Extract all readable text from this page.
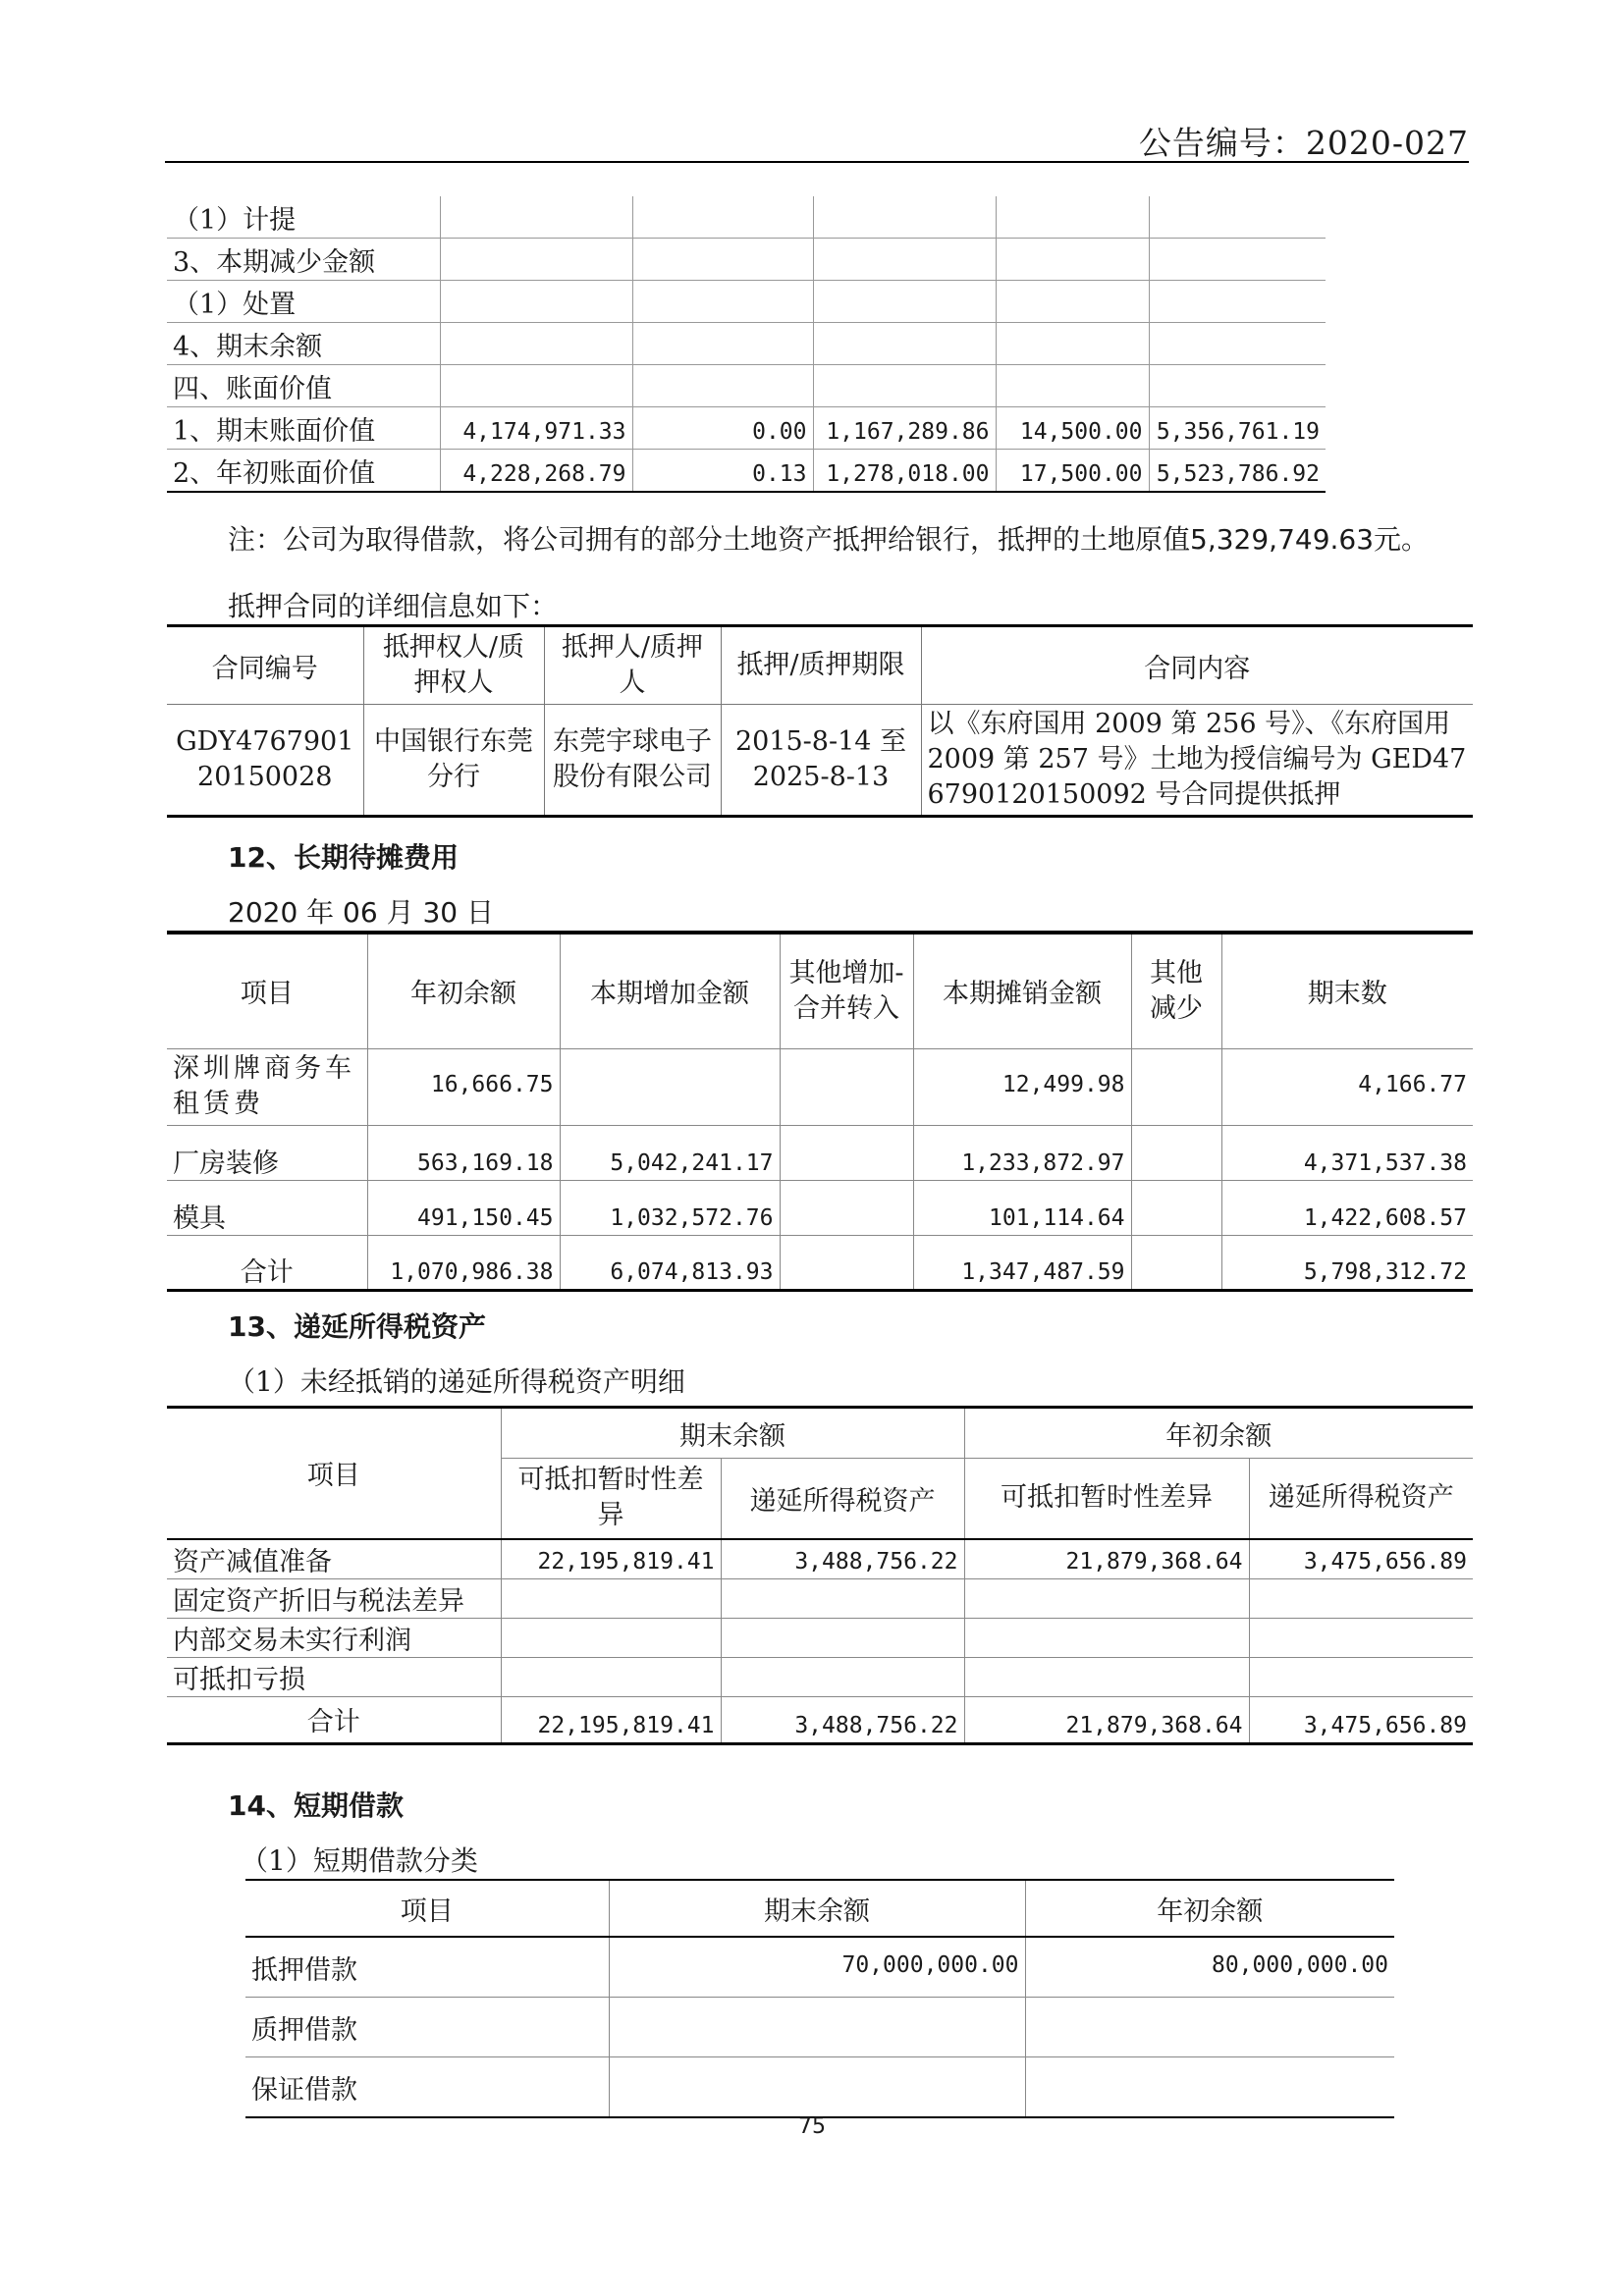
公告编号：2020-027
（1）计提					
3、本期减少金额					
（1）处置					
4、期末余额					
四、账面价值					
1、期末账面价值	4,174,971.33	0.00	1,167,289.86	14,500.00	5,356,761.19
2、年初账面价值	4,228,268.79	0.13	1,278,018.00	17,500.00	5,523,786.92
注：公司为取得借款，将公司拥有的部分土地资产抵押给银行，抵押的土地原值5,329,749.63元。
抵押合同的详细信息如下：
合同编号	抵押权人/质押权人	抵押人/质押人	抵押/质押期限	合同内容
GDY476790120150028	中国银行东莞分行	东莞宇球电子股份有限公司	2015-8-14 至 2025-8-13	以《东府国用 2009 第 256 号》、《东府国用 2009 第 257 号》土地为授信编号为 GED476790120150092 号合同提供抵押
12、长期待摊费用
2020 年 06 月 30 日
项目	年初余额	本期增加金额	其他增加-合并转入	本期摊销金额	其他减少	期末数
深圳牌商务车租赁费	16,666.75			12,499.98		4,166.77
厂房装修	563,169.18	5,042,241.17		1,233,872.97		4,371,537.38
模具	491,150.45	1,032,572.76		101,114.64		1,422,608.57
合计	1,070,986.38	6,074,813.93		1,347,487.59		5,798,312.72
13、递延所得税资产
（1）未经抵销的递延所得税资产明细
项目	期末余额		年初余额	
	可抵扣暂时性差异	递延所得税资产	可抵扣暂时性差异	递延所得税资产
资产减值准备	22,195,819.41	3,488,756.22	21,879,368.64	3,475,656.89
固定资产折旧与税法差异				
内部交易未实行利润				
可抵扣亏损				
合计	22,195,819.41	3,488,756.22	21,879,368.64	3,475,656.89
14、短期借款
（1）短期借款分类
项目	期末余额	年初余额
抵押借款	70,000,000.00	80,000,000.00
质押借款		
保证借款		
75
